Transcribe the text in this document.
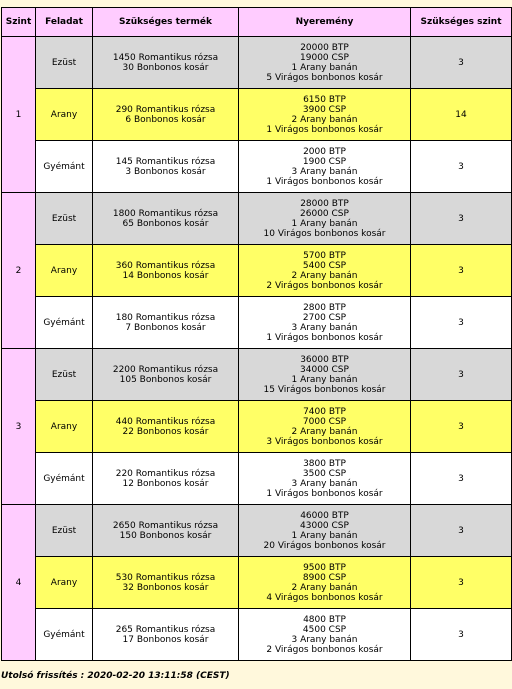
Szint	Feladat	Szükséges termék	Nyeremény	Szükséges szint
1	Ezüst	1450 Romantikus rózsa
30 Bonbonos kosár	20000 BTP
19000 CSP
1 Arany banán
5 Virágos bonbonos kosár	3
	Arany	290 Romantikus rózsa
6 Bonbonos kosár	6150 BTP
3900 CSP
2 Arany banán
1 Virágos bonbonos kosár	14
	Gyémánt	145 Romantikus rózsa
3 Bonbonos kosár	2000 BTP
1900 CSP
3 Arany banán
1 Virágos bonbonos kosár	3
2	Ezüst	1800 Romantikus rózsa
65 Bonbonos kosár	28000 BTP
26000 CSP
1 Arany banán
10 Virágos bonbonos kosár	3
	Arany	360 Romantikus rózsa
14 Bonbonos kosár	5700 BTP
5400 CSP
2 Arany banán
2 Virágos bonbonos kosár	3
	Gyémánt	180 Romantikus rózsa
7 Bonbonos kosár	2800 BTP
2700 CSP
3 Arany banán
1 Virágos bonbonos kosár	3
3	Ezüst	2200 Romantikus rózsa
105 Bonbonos kosár	36000 BTP
34000 CSP
1 Arany banán
15 Virágos bonbonos kosár	3
	Arany	440 Romantikus rózsa
22 Bonbonos kosár	7400 BTP
7000 CSP
2 Arany banán
3 Virágos bonbonos kosár	3
	Gyémánt	220 Romantikus rózsa
12 Bonbonos kosár	3800 BTP
3500 CSP
3 Arany banán
1 Virágos bonbonos kosár	3
4	Ezüst	2650 Romantikus rózsa
150 Bonbonos kosár	46000 BTP
43000 CSP
1 Arany banán
20 Virágos bonbonos kosár	3
	Arany	530 Romantikus rózsa
32 Bonbonos kosár	9500 BTP
8900 CSP
2 Arany banán
4 Virágos bonbonos kosár	3
	Gyémánt	265 Romantikus rózsa
17 Bonbonos kosár	4800 BTP
4500 CSP
3 Arany banán
2 Virágos bonbonos kosár	3
Utolsó frissítés : 2020-02-20 13:11:58 (CEST)
